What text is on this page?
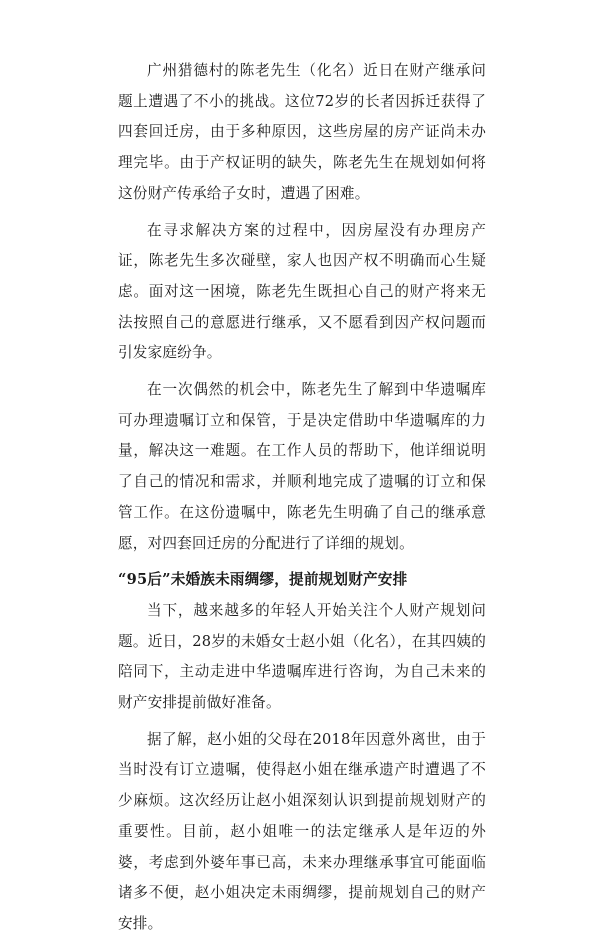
广州猎德村的陈老先生（化名）近日在财产继承问题上遭遇了不小的挑战。这位72岁的长者因拆迁获得了四套回迁房，由于多种原因，这些房屋的房产证尚未办理完毕。由于产权证明的缺失，陈老先生在规划如何将这份财产传承给子女时，遭遇了困难。

在寻求解决方案的过程中，因房屋没有办理房产证，陈老先生多次碰壁，家人也因产权不明确而心生疑虑。面对这一困境，陈老先生既担心自己的财产将来无法按照自己的意愿进行继承，又不愿看到因产权问题而引发家庭纷争。

在一次偶然的机会中，陈老先生了解到中华遗嘱库可办理遗嘱订立和保管，于是决定借助中华遗嘱库的力量，解决这一难题。在工作人员的帮助下，他详细说明了自己的情况和需求，并顺利地完成了遗嘱的订立和保管工作。在这份遗嘱中，陈老先生明确了自己的继承意愿，对四套回迁房的分配进行了详细的规划。

“95后”未婚族未雨绸缪，提前规划财产安排

当下，越来越多的年轻人开始关注个人财产规划问题。近日，28岁的未婚女士赵小姐（化名），在其四姨的陪同下，主动走进中华遗嘱库进行咨询，为自己未来的财产安排提前做好准备。

据了解，赵小姐的父母在2018年因意外离世，由于当时没有订立遗嘱，使得赵小姐在继承遗产时遭遇了不少麻烦。这次经历让赵小姐深刻认识到提前规划财产的重要性。目前，赵小姐唯一的法定继承人是年迈的外婆，考虑到外婆年事已高，未来办理继承事宜可能面临诸多不便，赵小姐决定未雨绸缪，提前规划自己的财产安排。
